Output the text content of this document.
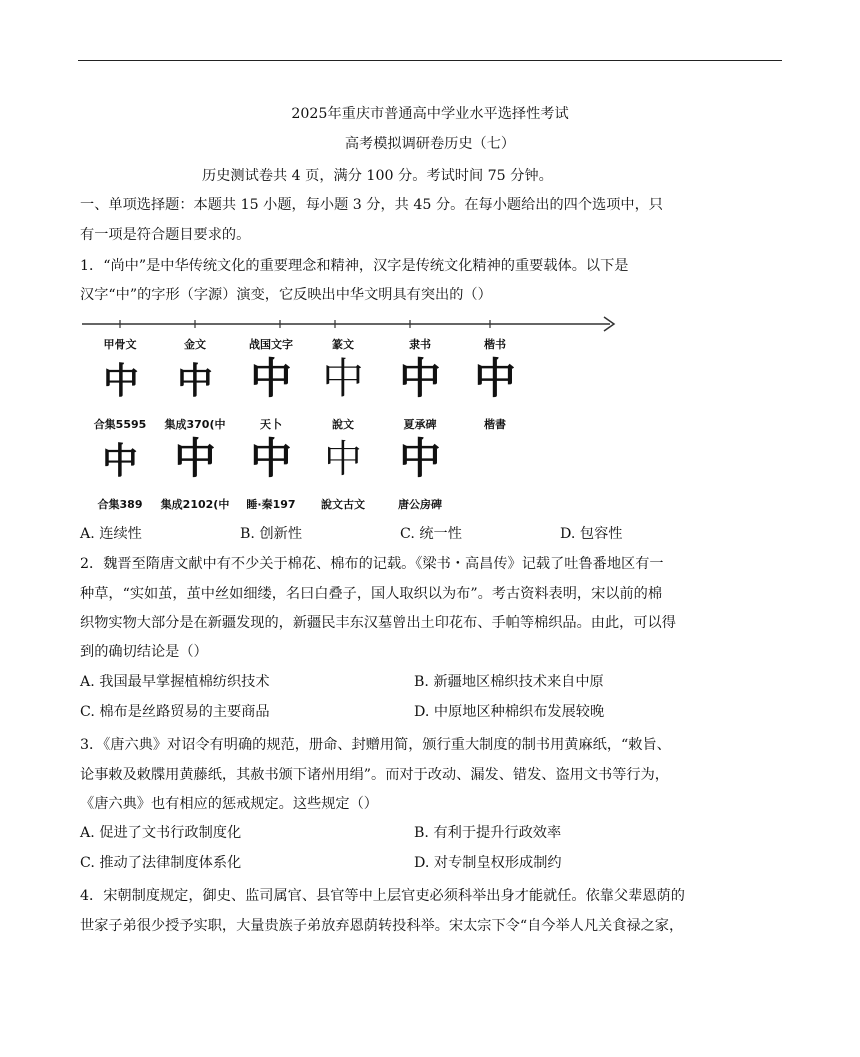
2025年重庆市普通高中学业水平选择性考试
高考模拟调研卷历史（七）
历史测试卷共 4 页，满分 100 分。考试时间 75 分钟。
一、单项选择题：本题共 15 小题，每小题 3 分，共 45 分。在每小题给出的四个选项中，只
有一项是符合题目要求的。
1．“尚中”是中华传统文化的重要理念和精神，汉字是传统文化精神的重要载体。以下是
汉字“中”的字形（字源）演变，它反映出中华文明具有突出的（）
甲骨文	金文	战国文字	篆文	隶书	楷书
中	中 中 中 中 中
合集5595	集成370(中	天卜	說文	夏承碑	楷書
中 中 中 中 中
合集389	集成2102(中	睡·秦197	說文古文	唐公房碑
A. 连续性	B. 创新性	C. 统一性	D. 包容性
2．魏晋至隋唐文献中有不少关于棉花、棉布的记载。《梁书・高昌传》记载了吐鲁番地区有一
种草，“实如茧，茧中丝如细缕，名曰白叠子，国人取织以为布”。考古资料表明，宋以前的棉
织物实物大部分是在新疆发现的，新疆民丰东汉墓曾出土印花布、手帕等棉织品。由此，可以得
到的确切结论是（）
A. 我国最早掌握植棉纺织技术	B. 新疆地区棉织技术来自中原
C. 棉布是丝路贸易的主要商品	D. 中原地区种棉织布发展较晚
3．《唐六典》对诏令有明确的规范，册命、封赠用简，颁行重大制度的制书用黄麻纸，“敕旨、
论事敕及敕牒用黄藤纸，其赦书颁下诸州用绢”。而对于改动、漏发、错发、盗用文书等行为，
《唐六典》也有相应的惩戒规定。这些规定（）
A. 促进了文书行政制度化	B. 有利于提升行政效率
C. 推动了法律制度体系化	D. 对专制皇权形成制约
4．宋朝制度规定，御史、监司属官、县官等中上层官吏必须科举出身才能就任。依靠父辈恩荫的
世家子弟很少授予实职，大量贵族子弟放弃恩荫转投科举。宋太宗下令“自今举人凡关食禄之家，
